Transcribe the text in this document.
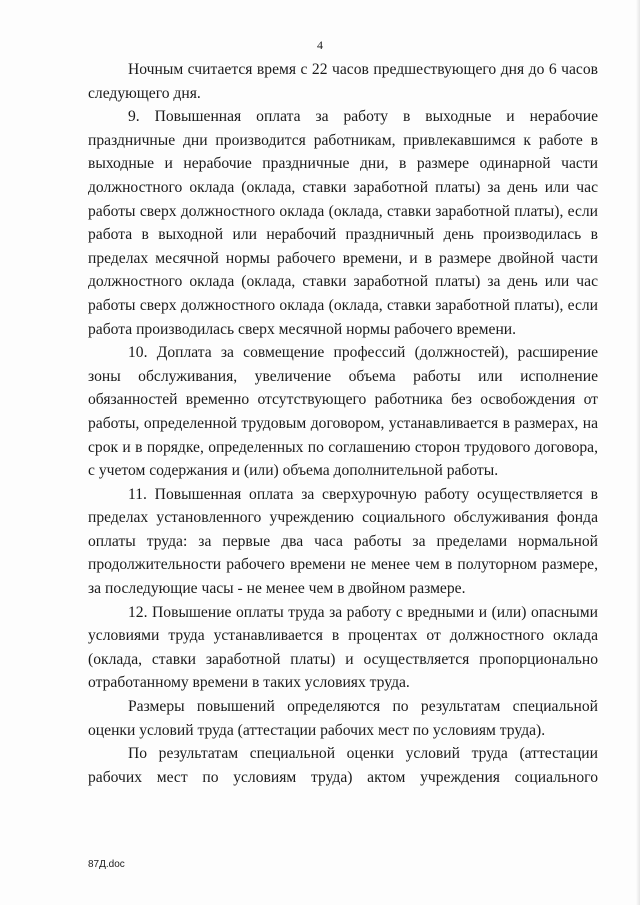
4

Ночным считается время с 22 часов предшествующего дня до 6 часов следующего дня.

9. Повышенная оплата за работу в выходные и нерабочие праздничные дни производится работникам, привлекавшимся к работе в выходные и нерабочие праздничные дни, в размере одинарной части должностного оклада (оклада, ставки заработной платы) за день или час работы сверх должностного оклада (оклада, ставки заработной платы), если работа в выходной или нерабочий праздничный день производилась в пределах месячной нормы рабочего времени, и в размере двойной части должностного оклада (оклада, ставки заработной платы) за день или час работы сверх должностного оклада (оклада, ставки заработной платы), если работа производилась сверх месячной нормы рабочего времени.

10. Доплата за совмещение профессий (должностей), расширение зоны обслуживания, увеличение объема работы или исполнение обязанностей временно отсутствующего работника без освобождения от работы, определенной трудовым договором, устанавливается в размерах, на срок и в порядке, определенных по соглашению сторон трудового договора, с учетом содержания и (или) объема дополнительной работы.

11. Повышенная оплата за сверхурочную работу осуществляется в пределах установленного учреждению социального обслуживания фонда оплаты труда: за первые два часа работы за пределами нормальной продолжительности рабочего времени не менее чем в полуторном размере, за последующие часы - не менее чем в двойном размере.

12. Повышение оплаты труда за работу с вредными и (или) опасными условиями труда устанавливается в процентах от должностного оклада (оклада, ставки заработной платы) и осуществляется пропорционально отработанному времени в таких условиях труда.

Размеры повышений определяются по результатам специальной оценки условий труда (аттестации рабочих мест по условиям труда).

По результатам специальной оценки условий труда (аттестации рабочих мест по условиям труда) актом учреждения социального

87Д.doc
